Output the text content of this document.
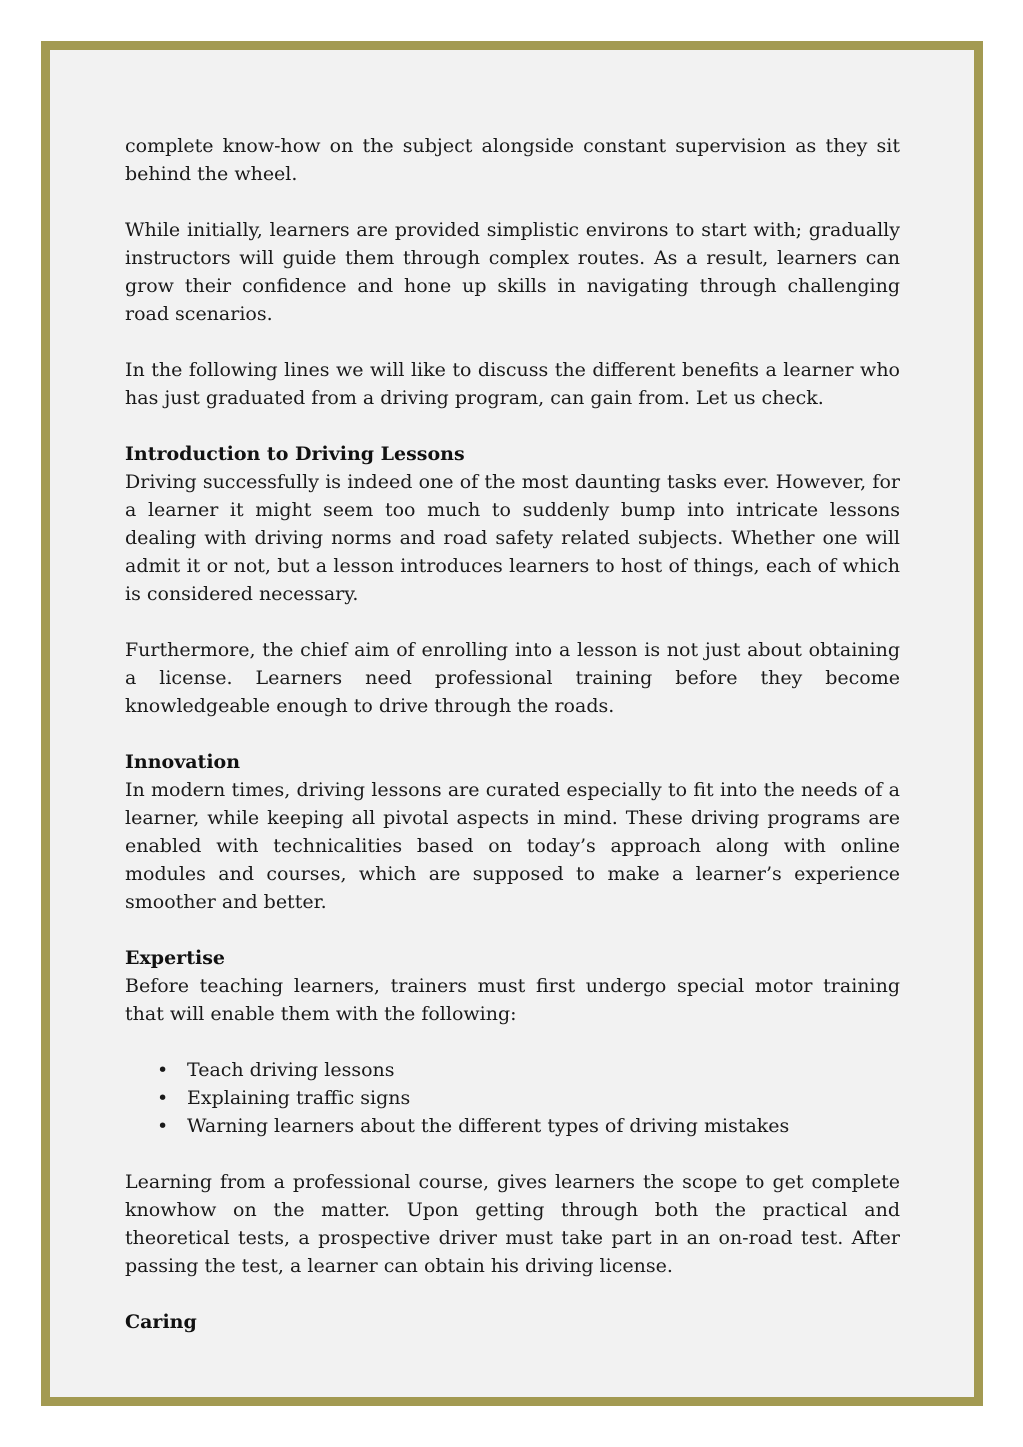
complete know-how on the subject alongside constant supervision as they sit behind the wheel.

While initially, learners are provided simplistic environs to start with; gradually instructors will guide them through complex routes. As a result, learners can grow their confidence and hone up skills in navigating through challenging road scenarios.

In the following lines we will like to discuss the different benefits a learner who has just graduated from a driving program, can gain from. Let us check.

Introduction to Driving Lessons

Driving successfully is indeed one of the most daunting tasks ever. However, for a learner it might seem too much to suddenly bump into intricate lessons dealing with driving norms and road safety related subjects. Whether one will admit it or not, but a lesson introduces learners to host of things, each of which is considered necessary.

Furthermore, the chief aim of enrolling into a lesson is not just about obtaining a license. Learners need professional training before they become knowledgeable enough to drive through the roads.

Innovation

In modern times, driving lessons are curated especially to fit into the needs of a learner, while keeping all pivotal aspects in mind. These driving programs are enabled with technicalities based on today’s approach along with online modules and courses, which are supposed to make a learner’s experience smoother and better.

Expertise

Before teaching learners, trainers must first undergo special motor training that will enable them with the following:

• Teach driving lessons
• Explaining traffic signs
• Warning learners about the different types of driving mistakes

Learning from a professional course, gives learners the scope to get complete knowhow on the matter. Upon getting through both the practical and theoretical tests, a prospective driver must take part in an on-road test. After passing the test, a learner can obtain his driving license.

Caring
